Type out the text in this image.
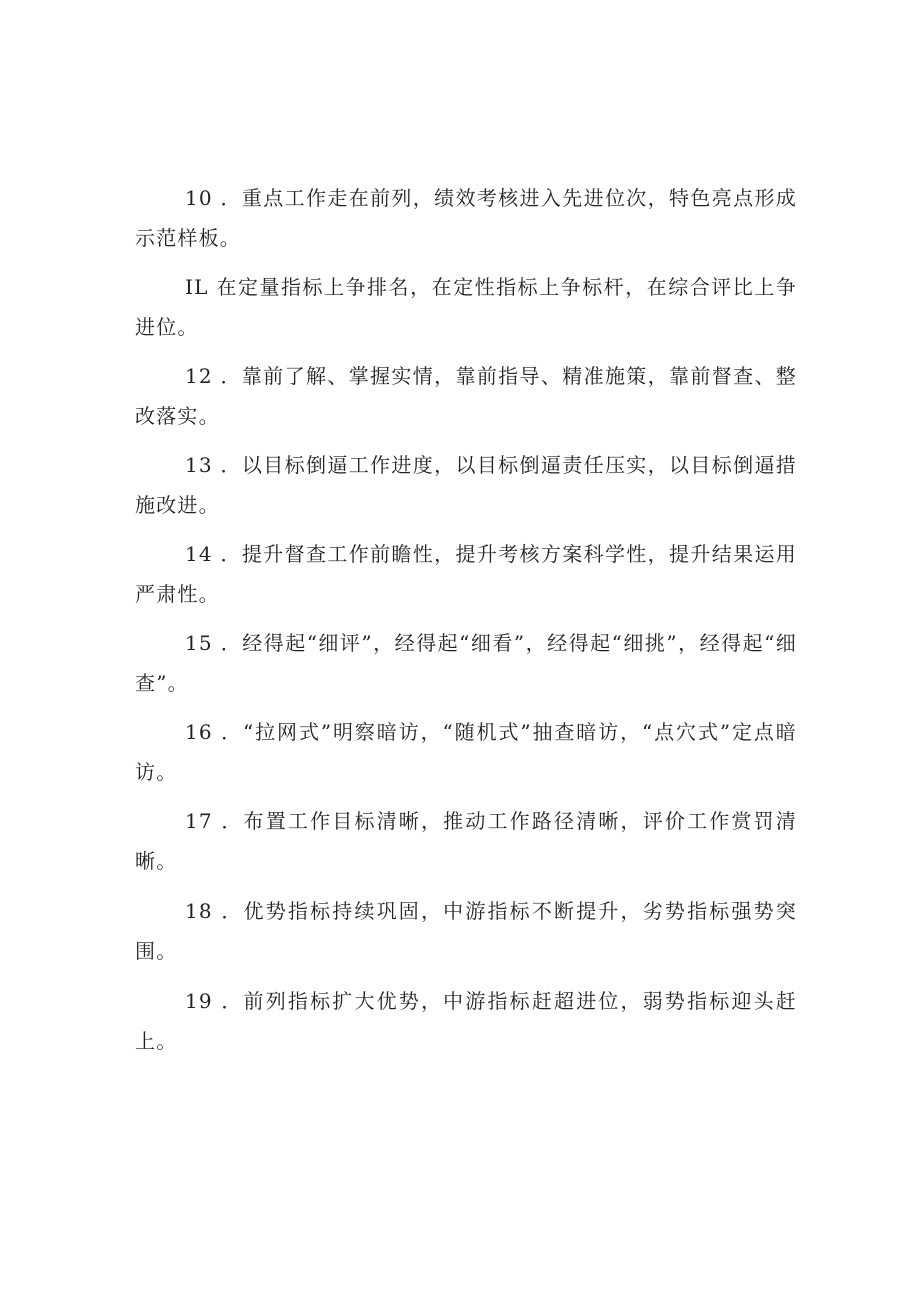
10 ．重点工作走在前列，绩效考核进入先进位次，特色亮点形成示范样板。

IL 在定量指标上争排名，在定性指标上争标杆，在综合评比上争进位。

12 ．靠前了解、掌握实情，靠前指导、精准施策，靠前督查、整改落实。

13 ．以目标倒逼工作进度，以目标倒逼责任压实，以目标倒逼措施改进。

14 ．提升督查工作前瞻性，提升考核方案科学性，提升结果运用严肃性。

15 ．经得起“细评”，经得起“细看”，经得起“细挑”，经得起“细查”。

16 ．“拉网式”明察暗访，“随机式”抽查暗访，“点穴式”定点暗访。

17 ．布置工作目标清晰，推动工作路径清晰，评价工作赏罚清晰。

18 ．优势指标持续巩固，中游指标不断提升，劣势指标强势突围。

19 ．前列指标扩大优势，中游指标赶超进位，弱势指标迎头赶上。
